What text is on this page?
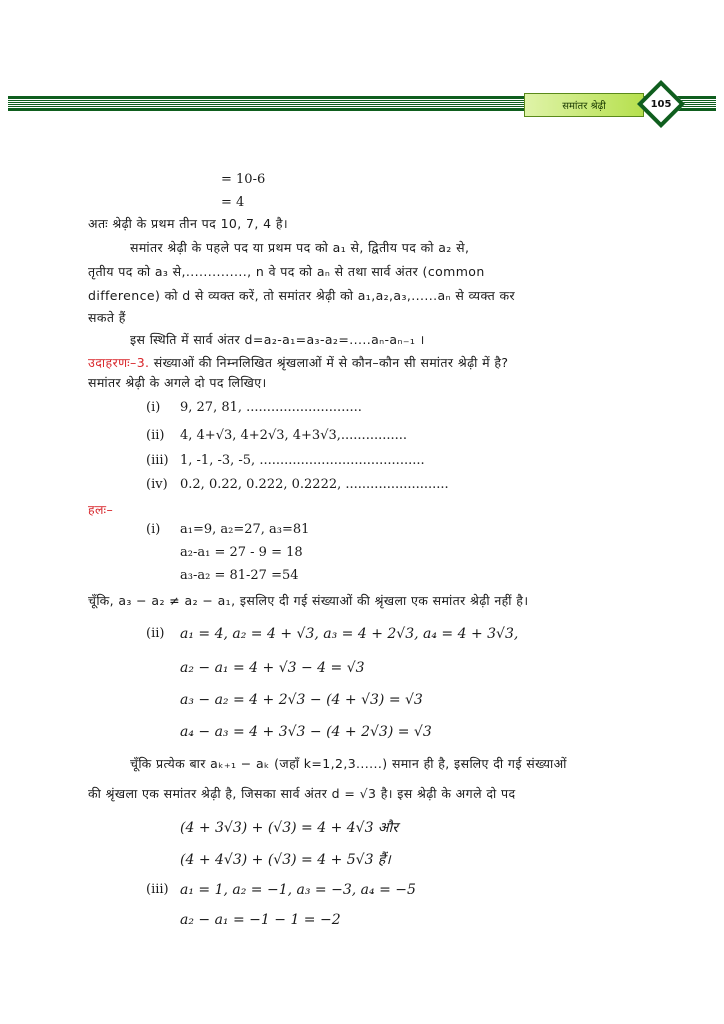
समांतर श्रेढ़ी	105
= 10-6
= 4
अतः श्रेढ़ी के प्रथम तीन पद 10, 7, 4 है।
समांतर श्रेढ़ी के पहले पद या प्रथम पद को a₁ से, द्वितीय पद को a₂ से,
तृतीय पद को a₃ से,.............., n वे पद को aₙ से तथा सार्व अंतर (common
difference) को d से व्यक्त करें, तो समांतर श्रेढ़ी को a₁,a₂,a₃,......aₙ से व्यक्त कर
सकते हैं
इस स्थिति में सार्व अंतर d=a₂-a₁=a₃-a₂=.....aₙ-aₙ₋₁ ।
उदाहरणः–3. संख्याओं की निम्नलिखित श्रृंखलाओं में से कौन–कौन सी समांतर श्रेढ़ी में है?
समांतर श्रेढ़ी के अगले दो पद लिखिए।
(i) 9, 27, 81, ............................
(ii) 4, 4+√3, 4+2√3, 4+3√3,................
(iii) 1, -1, -3, -5, ........................................
(iv) 0.2, 0.22, 0.222, 0.2222, .........................
हलः–
(i) a₁=9, a₂=27, a₃=81
a₂-a₁ = 27 - 9 = 18
a₃-a₂ = 81-27 =54
चूँकि, a₃ − a₂ ≠ a₂ − a₁, इसलिए दी गई संख्याओं की श्रृंखला एक समांतर श्रेढ़ी नहीं है।
(ii) a₁ = 4, a₂ = 4 + √3, a₃ = 4 + 2√3, a₄ = 4 + 3√3,
a₂ − a₁ = 4 + √3 − 4 = √3
a₃ − a₂ = 4 + 2√3 − (4 + √3) = √3
a₄ − a₃ = 4 + 3√3 − (4 + 2√3) = √3
चूँकि प्रत्येक बार aₖ₊₁ − aₖ (जहाँ k=1,2,3......) समान ही है, इसलिए दी गई संख्याओं
की श्रृंखला एक समांतर श्रेढ़ी है, जिसका सार्व अंतर d = √3 है। इस श्रेढ़ी के अगले दो पद
(4 + 3√3) + (√3) = 4 + 4√3 और
(4 + 4√3) + (√3) = 4 + 5√3 हैं।
(iii) a₁ = 1, a₂ = −1, a₃ = −3, a₄ = −5
a₂ − a₁ = −1 − 1 = −2
